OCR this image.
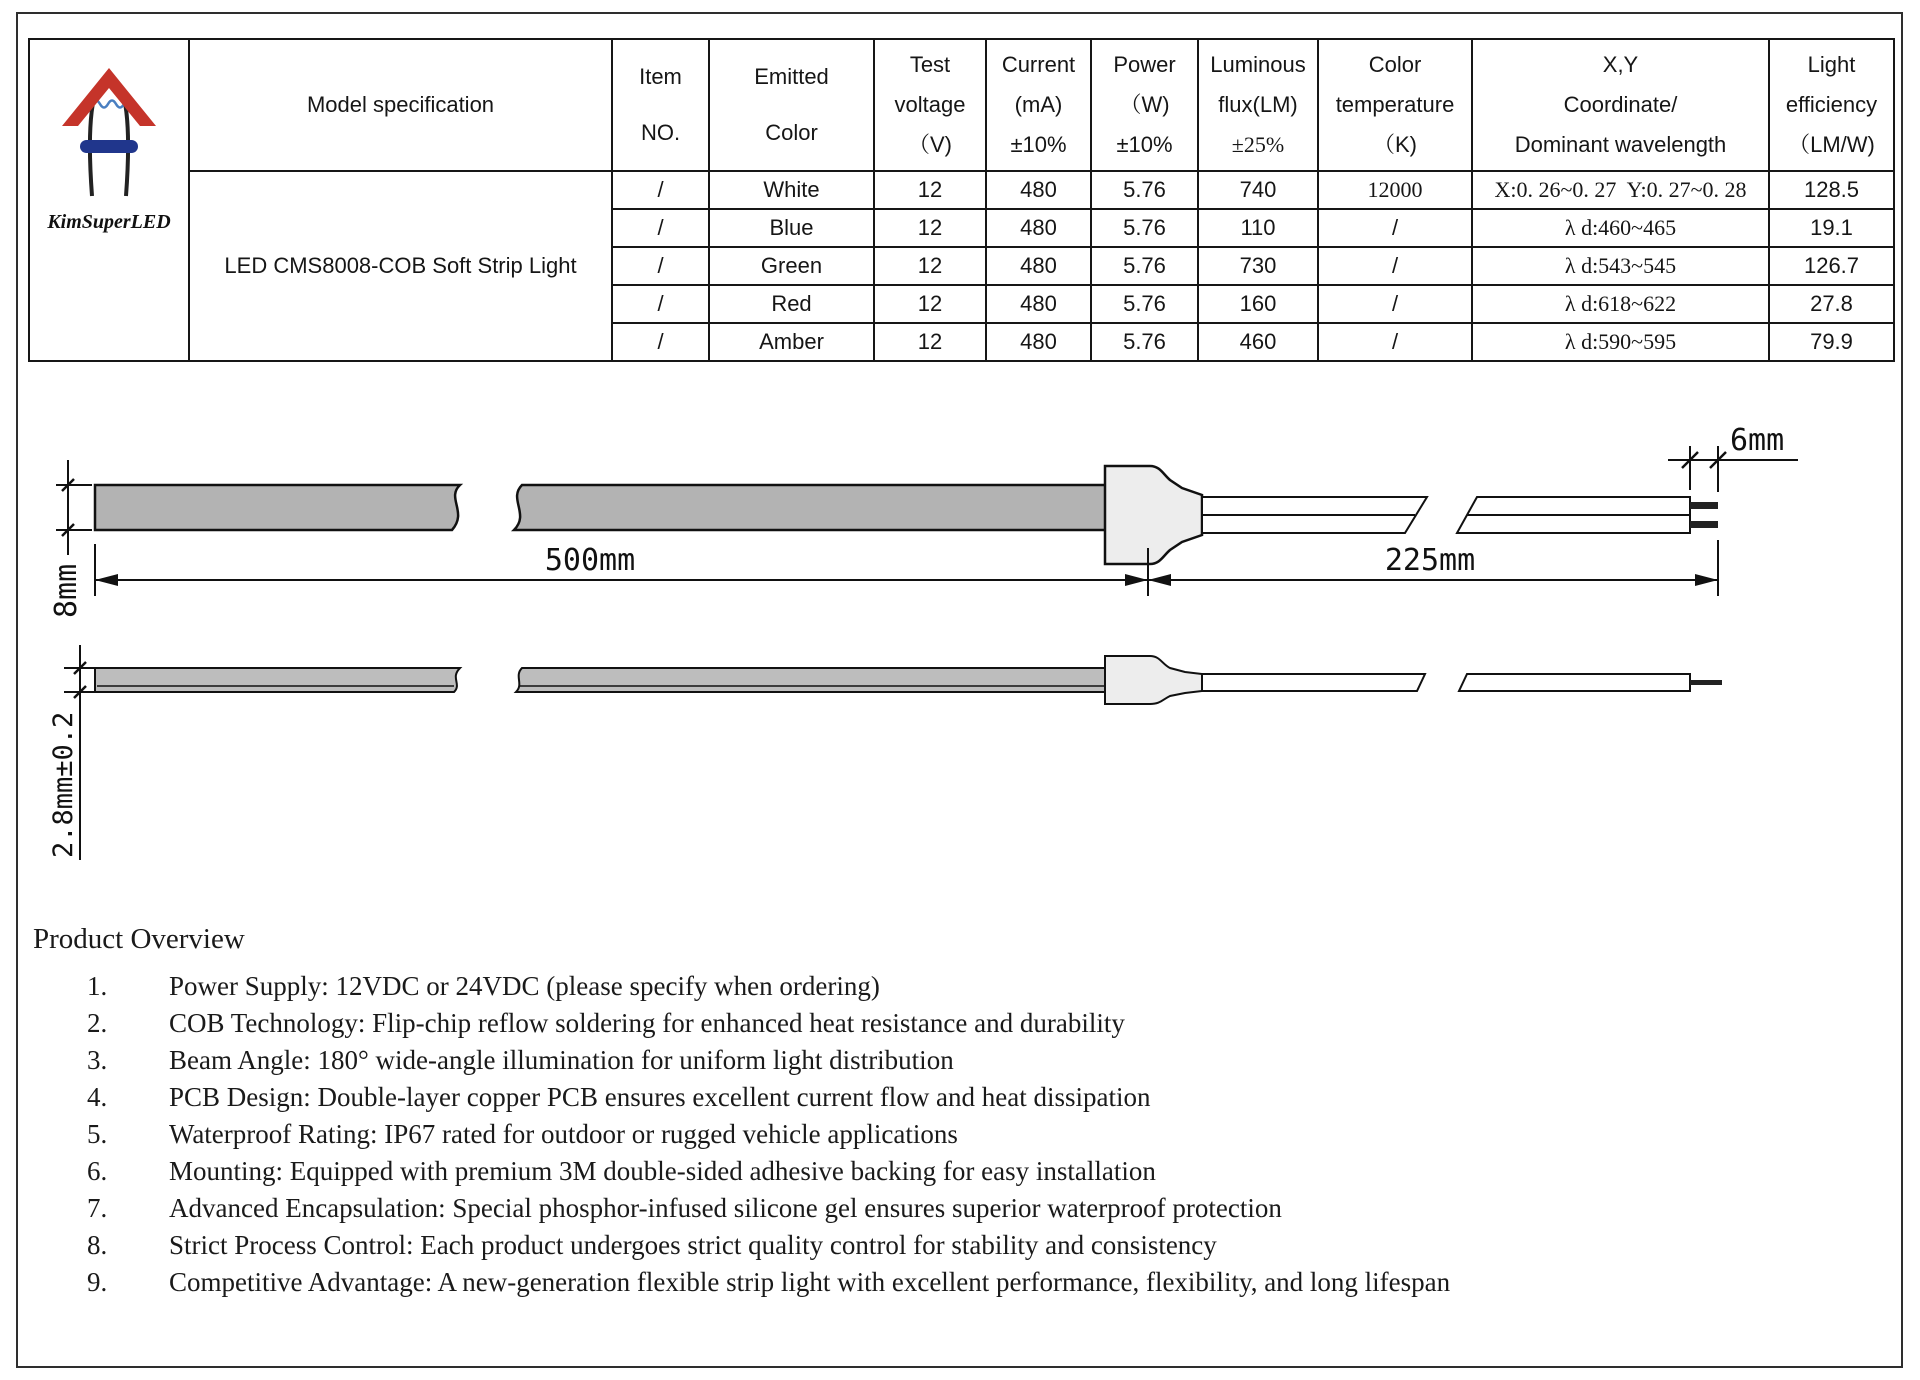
KimSuperLED
	Model specification	
Item
NO.

Emitted
Color

Test
voltage
（V)

Current
(mA)
±10%

Power
（W)
±10%

Luminous
flux(LM)
±25%

Color
temperature
（K)

X,Y
Coordinate/
Dominant wavelength

Light
efficiency
（LM/W)

	LED CMS8008-COB Soft Strip Light	/	White	12	480	5.76	740	12000	X:0. 26~0. 27  Y:0. 27~0. 28	128.5
		/	Blue	12	480	5.76	110	/	λ d:460~465	19.1
		/	Green	12	480	5.76	730	/	λ d:543~545	126.7
		/	Red	12	480	5.76	160	/	λ d:618~622	27.8
		/	Amber	12	480	5.76	460	/	λ d:590~595	79.9
8mm
500mm	225mm
6mm
2.8mm±0.2
Product Overview
1.	Power Supply: 12VDC or 24VDC (please specify when ordering)
2.	COB Technology: Flip-chip reflow soldering for enhanced heat resistance and durability
3.	Beam Angle: 180° wide-angle illumination for uniform light distribution
4.	PCB Design: Double-layer copper PCB ensures excellent current flow and heat dissipation
5.	Waterproof Rating: IP67 rated for outdoor or rugged vehicle applications
6.	Mounting: Equipped with premium 3M double-sided adhesive backing for easy installation
7.	Advanced Encapsulation: Special phosphor-infused silicone gel ensures superior waterproof protection
8.	Strict Process Control: Each product undergoes strict quality control for stability and consistency
9.	Competitive Advantage: A new-generation flexible strip light with excellent performance, flexibility, and long lifespan
